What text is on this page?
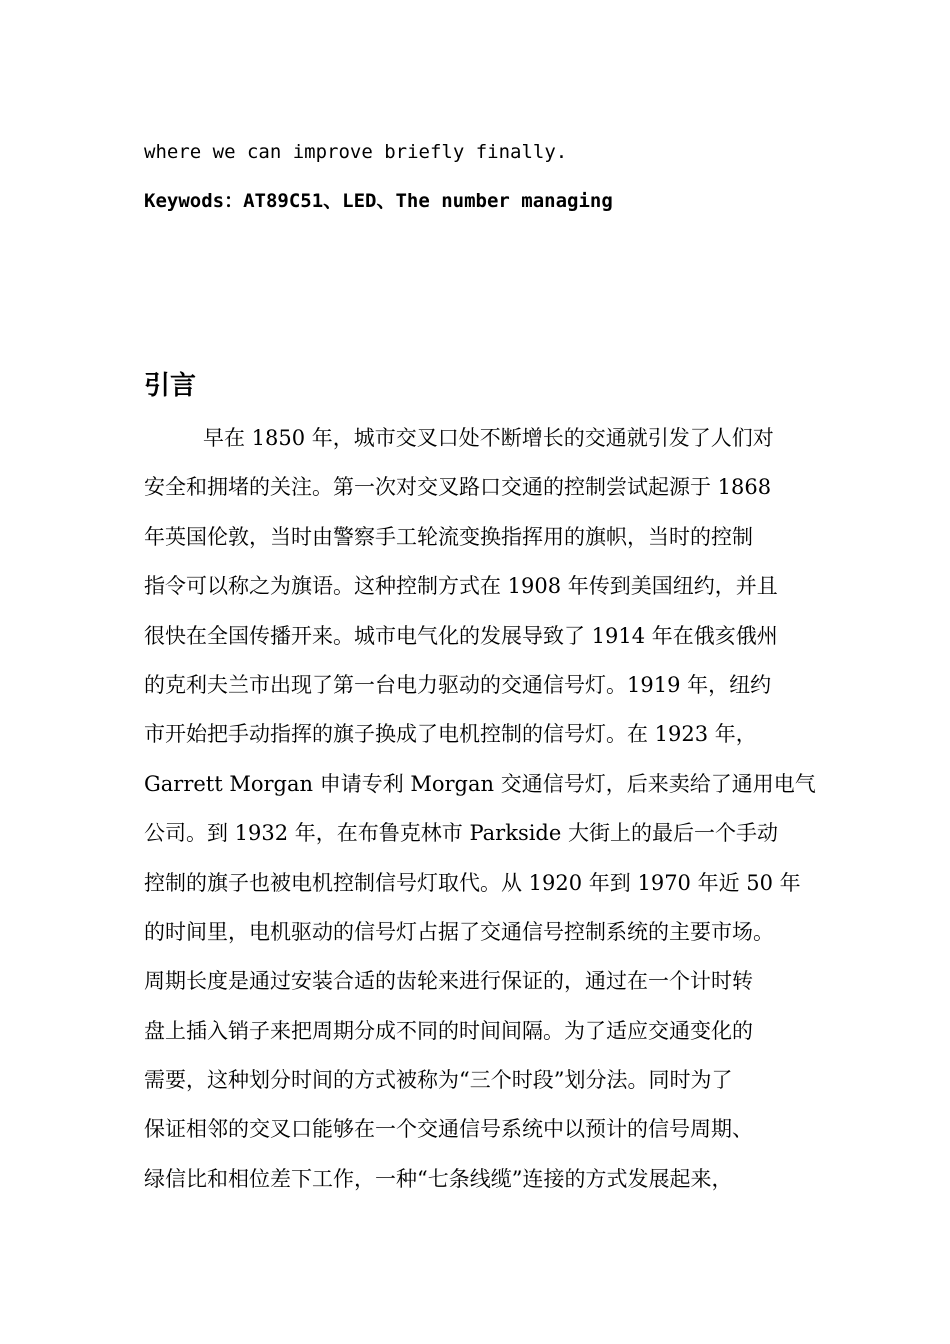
where we can improve briefly finally.
Keywods：AT89C51、LED、The number managing
引言
早在 1850 年，城市交叉口处不断增长的交通就引发了人们对
安全和拥堵的关注。第一次对交叉路口交通的控制尝试起源于 1868
年英国伦敦，当时由警察手工轮流变换指挥用的旗帜，当时的控制
指令可以称之为旗语。这种控制方式在 1908 年传到美国纽约，并且
很快在全国传播开来。城市电气化的发展导致了 1914 年在俄亥俄州
的克利夫兰市出现了第一台电力驱动的交通信号灯。1919 年，纽约
市开始把手动指挥的旗子换成了电机控制的信号灯。在 1923 年，
Garrett Morgan 申请专利 Morgan 交通信号灯，后来卖给了通用电气
公司。到 1932 年，在布鲁克林市 Parkside 大街上的最后一个手动
控制的旗子也被电机控制信号灯取代。从 1920 年到 1970 年近 50 年
的时间里，电机驱动的信号灯占据了交通信号控制系统的主要市场。
周期长度是通过安装合适的齿轮来进行保证的，通过在一个计时转
盘上插入销子来把周期分成不同的时间间隔。为了适应交通变化的
需要，这种划分时间的方式被称为“三个时段”划分法。同时为了
保证相邻的交叉口能够在一个交通信号系统中以预计的信号周期、
绿信比和相位差下工作，一种“七条线缆”连接的方式发展起来，
